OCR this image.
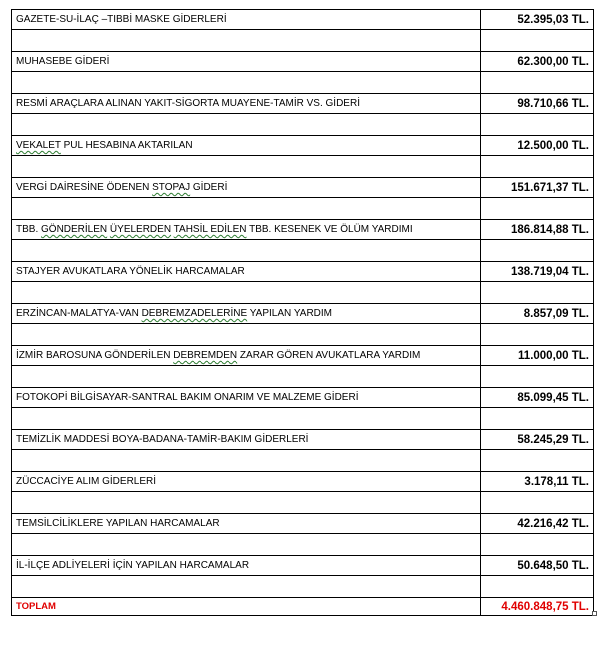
GAZETE-SU-İLAÇ –TIBBİ MASKE GİDERLERİ	52.395,03 TL.

MUHASEBE GİDERİ	62.300,00 TL.

RESMİ ARAÇLARA ALINAN YAKIT-SİGORTA MUAYENE-TAMİR VS. GİDERİ	98.710,66 TL.

VEKALET PUL HESABINA AKTARILAN	12.500,00 TL.

VERGİ DAİRESİNE ÖDENEN STOPAJ GİDERİ	151.671,37 TL.

TBB. GÖNDERİLEN ÜYELERDEN TAHSİL EDİLEN TBB. KESENEK VE ÖLÜM YARDIMI	186.814,88 TL.

STAJYER AVUKATLARA YÖNELİK HARCAMALAR	138.719,04 TL.

ERZİNCAN-MALATYA-VAN DEBREMZADELERİNE YAPILAN YARDIM	8.857,09 TL.

İZMİR BAROSUNA GÖNDERİLEN DEBREMDEN ZARAR GÖREN AVUKATLARA YARDIM	11.000,00 TL.

FOTOKOPİ BİLGİSAYAR-SANTRAL BAKIM ONARIM VE MALZEME GİDERİ	85.099,45 TL.

TEMİZLİK MADDESİ BOYA-BADANA-TAMİR-BAKIM GİDERLERİ	58.245,29 TL.

ZÜCCACİYE ALIM GİDERLERİ	3.178,11 TL.

TEMSİLCİLİKLERE YAPILAN HARCAMALAR	42.216,42 TL.

İL-İLÇE ADLİYELERİ İÇİN YAPILAN HARCAMALAR	50.648,50 TL.

TOPLAM	4.460.848,75 TL.
